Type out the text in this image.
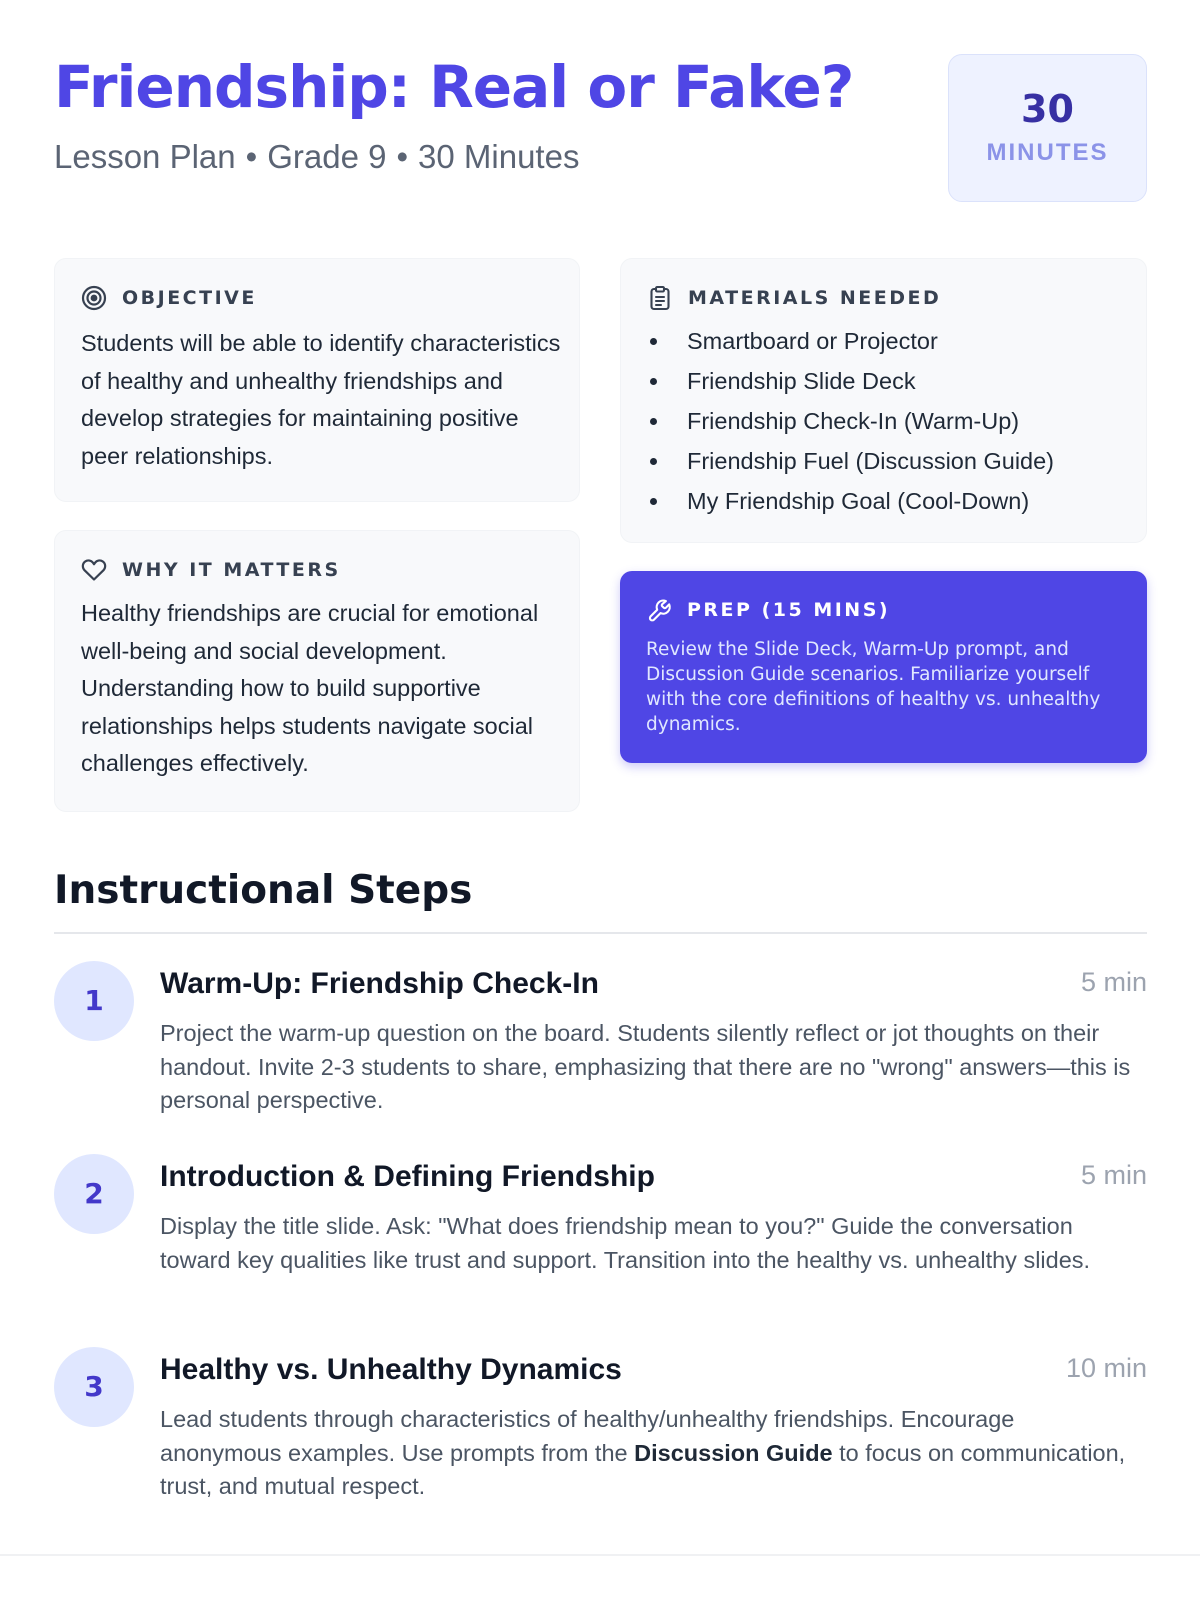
Friendship: Real or Fake?
Lesson Plan • Grade 9 • 30 Minutes
30
MINUTES
OBJECTIVE

Students will be able to identify characteristics of healthy and unhealthy friendships and develop strategies for maintaining positive peer relationships.

WHY IT MATTERS

Healthy friendships are crucial for emotional well-being and social development. Understanding how to build supportive relationships helps students navigate social challenges effectively.

MATERIALS NEEDED
Smartboard or Projector
Friendship Slide Deck
Friendship Check-In (Warm-Up)
Friendship Fuel (Discussion Guide)
My Friendship Goal (Cool-Down)
PREP (15 MINS)

Review the Slide Deck, Warm-Up prompt, and Discussion Guide scenarios. Familiarize yourself with the core definitions of healthy vs. unhealthy dynamics.

Instructional Steps
1
Warm-Up: Friendship Check-In	5 min

Project the warm-up question on the board. Students silently reflect or jot thoughts on their handout. Invite 2-3 students to share, emphasizing that there are no "wrong" answers—this is personal perspective.

2
Introduction & Defining Friendship	5 min

Display the title slide. Ask: "What does friendship mean to you?" Guide the conversation toward key qualities like trust and support. Transition into the healthy vs. unhealthy slides.

3
Healthy vs. Unhealthy Dynamics	10 min

Lead students through characteristics of healthy/unhealthy friendships. Encourage anonymous examples. Use prompts from the Discussion Guide to focus on communication, trust, and mutual respect.
